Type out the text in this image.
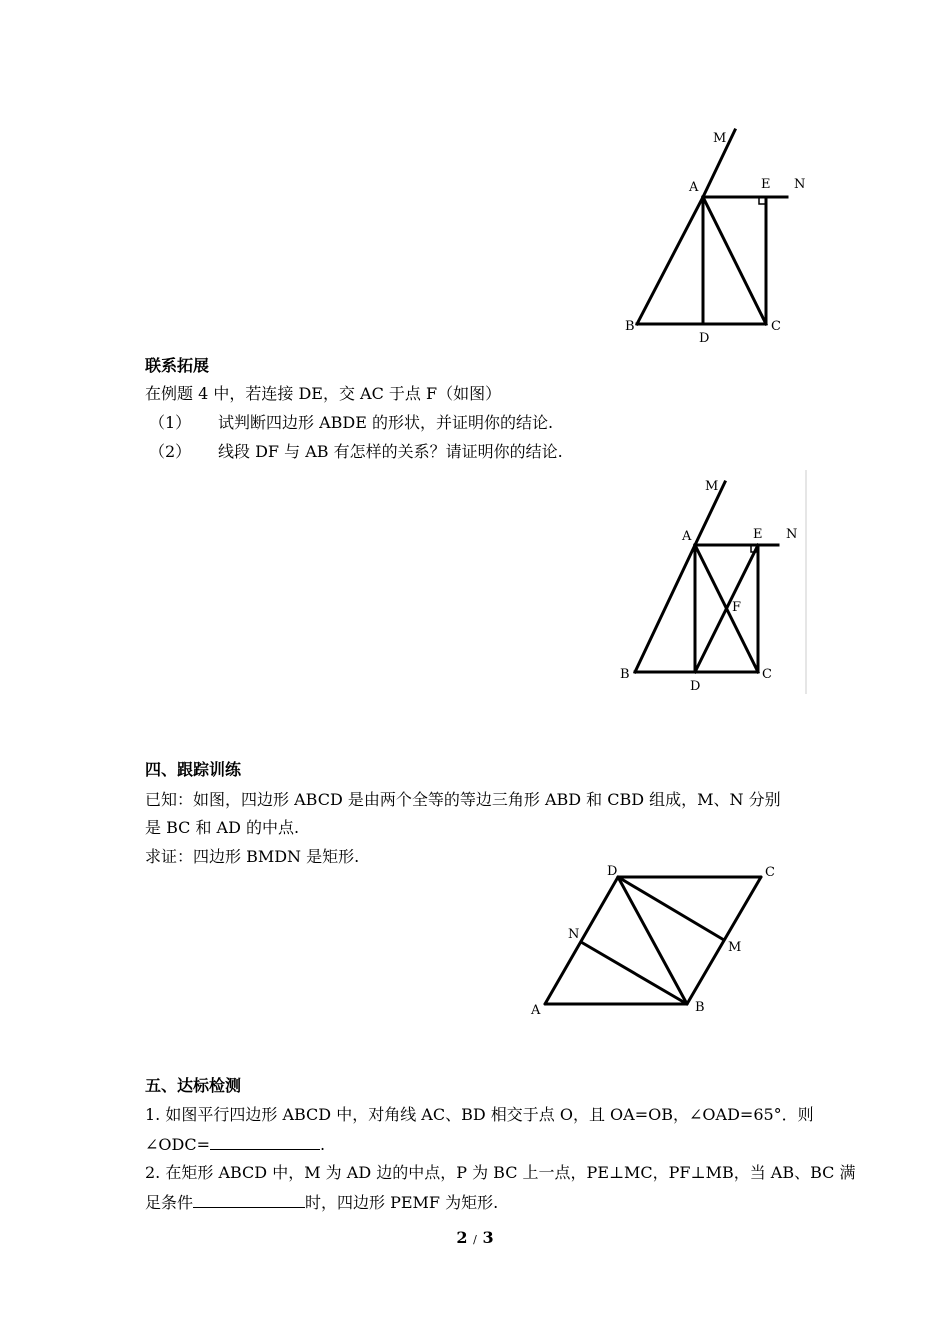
M
A	E N
B
D
C
联系拓展
在例题 4 中，若连接 DE，交 AC 于点 F（如图）
（1） 试判断四边形 ABDE 的形状，并证明你的结论.
（2） 线段 DF 与 AB 有怎样的关系？请证明你的结论.
M
A	E N
F
B
D
C
四、跟踪训练
已知：如图，四边形 ABCD 是由两个全等的等边三角形 ABD 和 CBD 组成，M、N 分别
是 BC 和 AD 的中点.
求证：四边形 BMDN 是矩形.
D	C
N
M
A	B
五、达标检测
1. 如图平行四边形 ABCD 中，对角线 AC、BD 相交于点 O，且 OA=OB，∠OAD=65°．则
∠ODC=	.
2. 在矩形 ABCD 中，M 为 AD 边的中点，P 为 BC 上一点，PE⊥MC，PF⊥MB，当 AB、BC 满
足条件	时，四边形 PEMF 为矩形.
2 / 3
